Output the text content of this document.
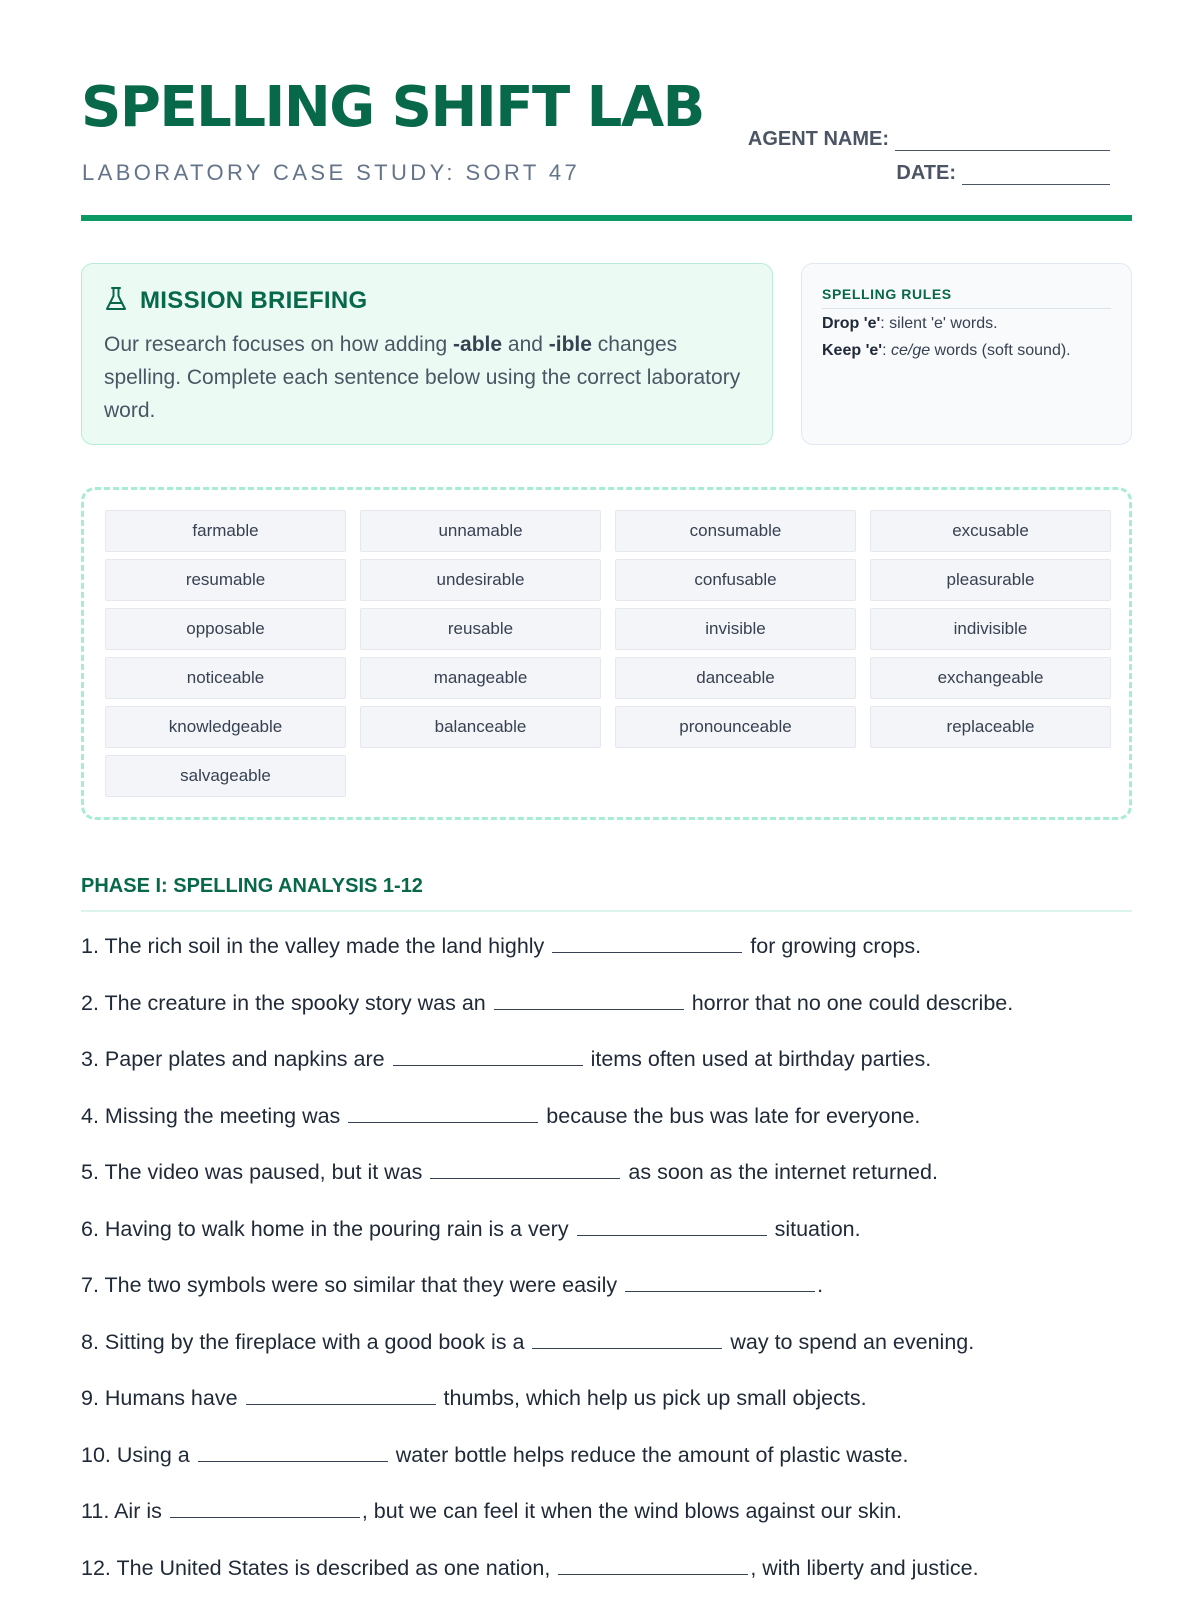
SPELLING SHIFT LAB
LABORATORY CASE STUDY: SORT 47
AGENT NAME:
DATE:
MISSION BRIEFING

Our research focuses on how adding -able and -ible changes spelling. Complete each sentence below using the correct laboratory word.

SPELLING RULES
Drop 'e': silent 'e' words.
Keep 'e': ce/ge words (soft sound).
farmable	unnamable	consumable	excusable
resumable	undesirable	confusable	pleasurable
opposable	reusable	invisible	indivisible
noticeable	manageable	danceable	exchangeable
knowledgeable	balanceable	pronounceable	replaceable
salvageable
PHASE I: SPELLING ANALYSIS 1-12
1. The rich soil in the valley made the land highly	for growing crops.
2. The creature in the spooky story was an	horror that no one could describe.
3. Paper plates and napkins are	items often used at birthday parties.
4. Missing the meeting was	because the bus was late for everyone.
5. The video was paused, but it was	as soon as the internet returned.
6. Having to walk home in the pouring rain is a very	situation.
7. The two symbols were so similar that they were easily	.
8. Sitting by the fireplace with a good book is a	way to spend an evening.
9. Humans have	thumbs, which help us pick up small objects.
10. Using a	water bottle helps reduce the amount of plastic waste.
11. Air is	, but we can feel it when the wind blows against our skin.
12. The United States is described as one nation,	, with liberty and justice.
